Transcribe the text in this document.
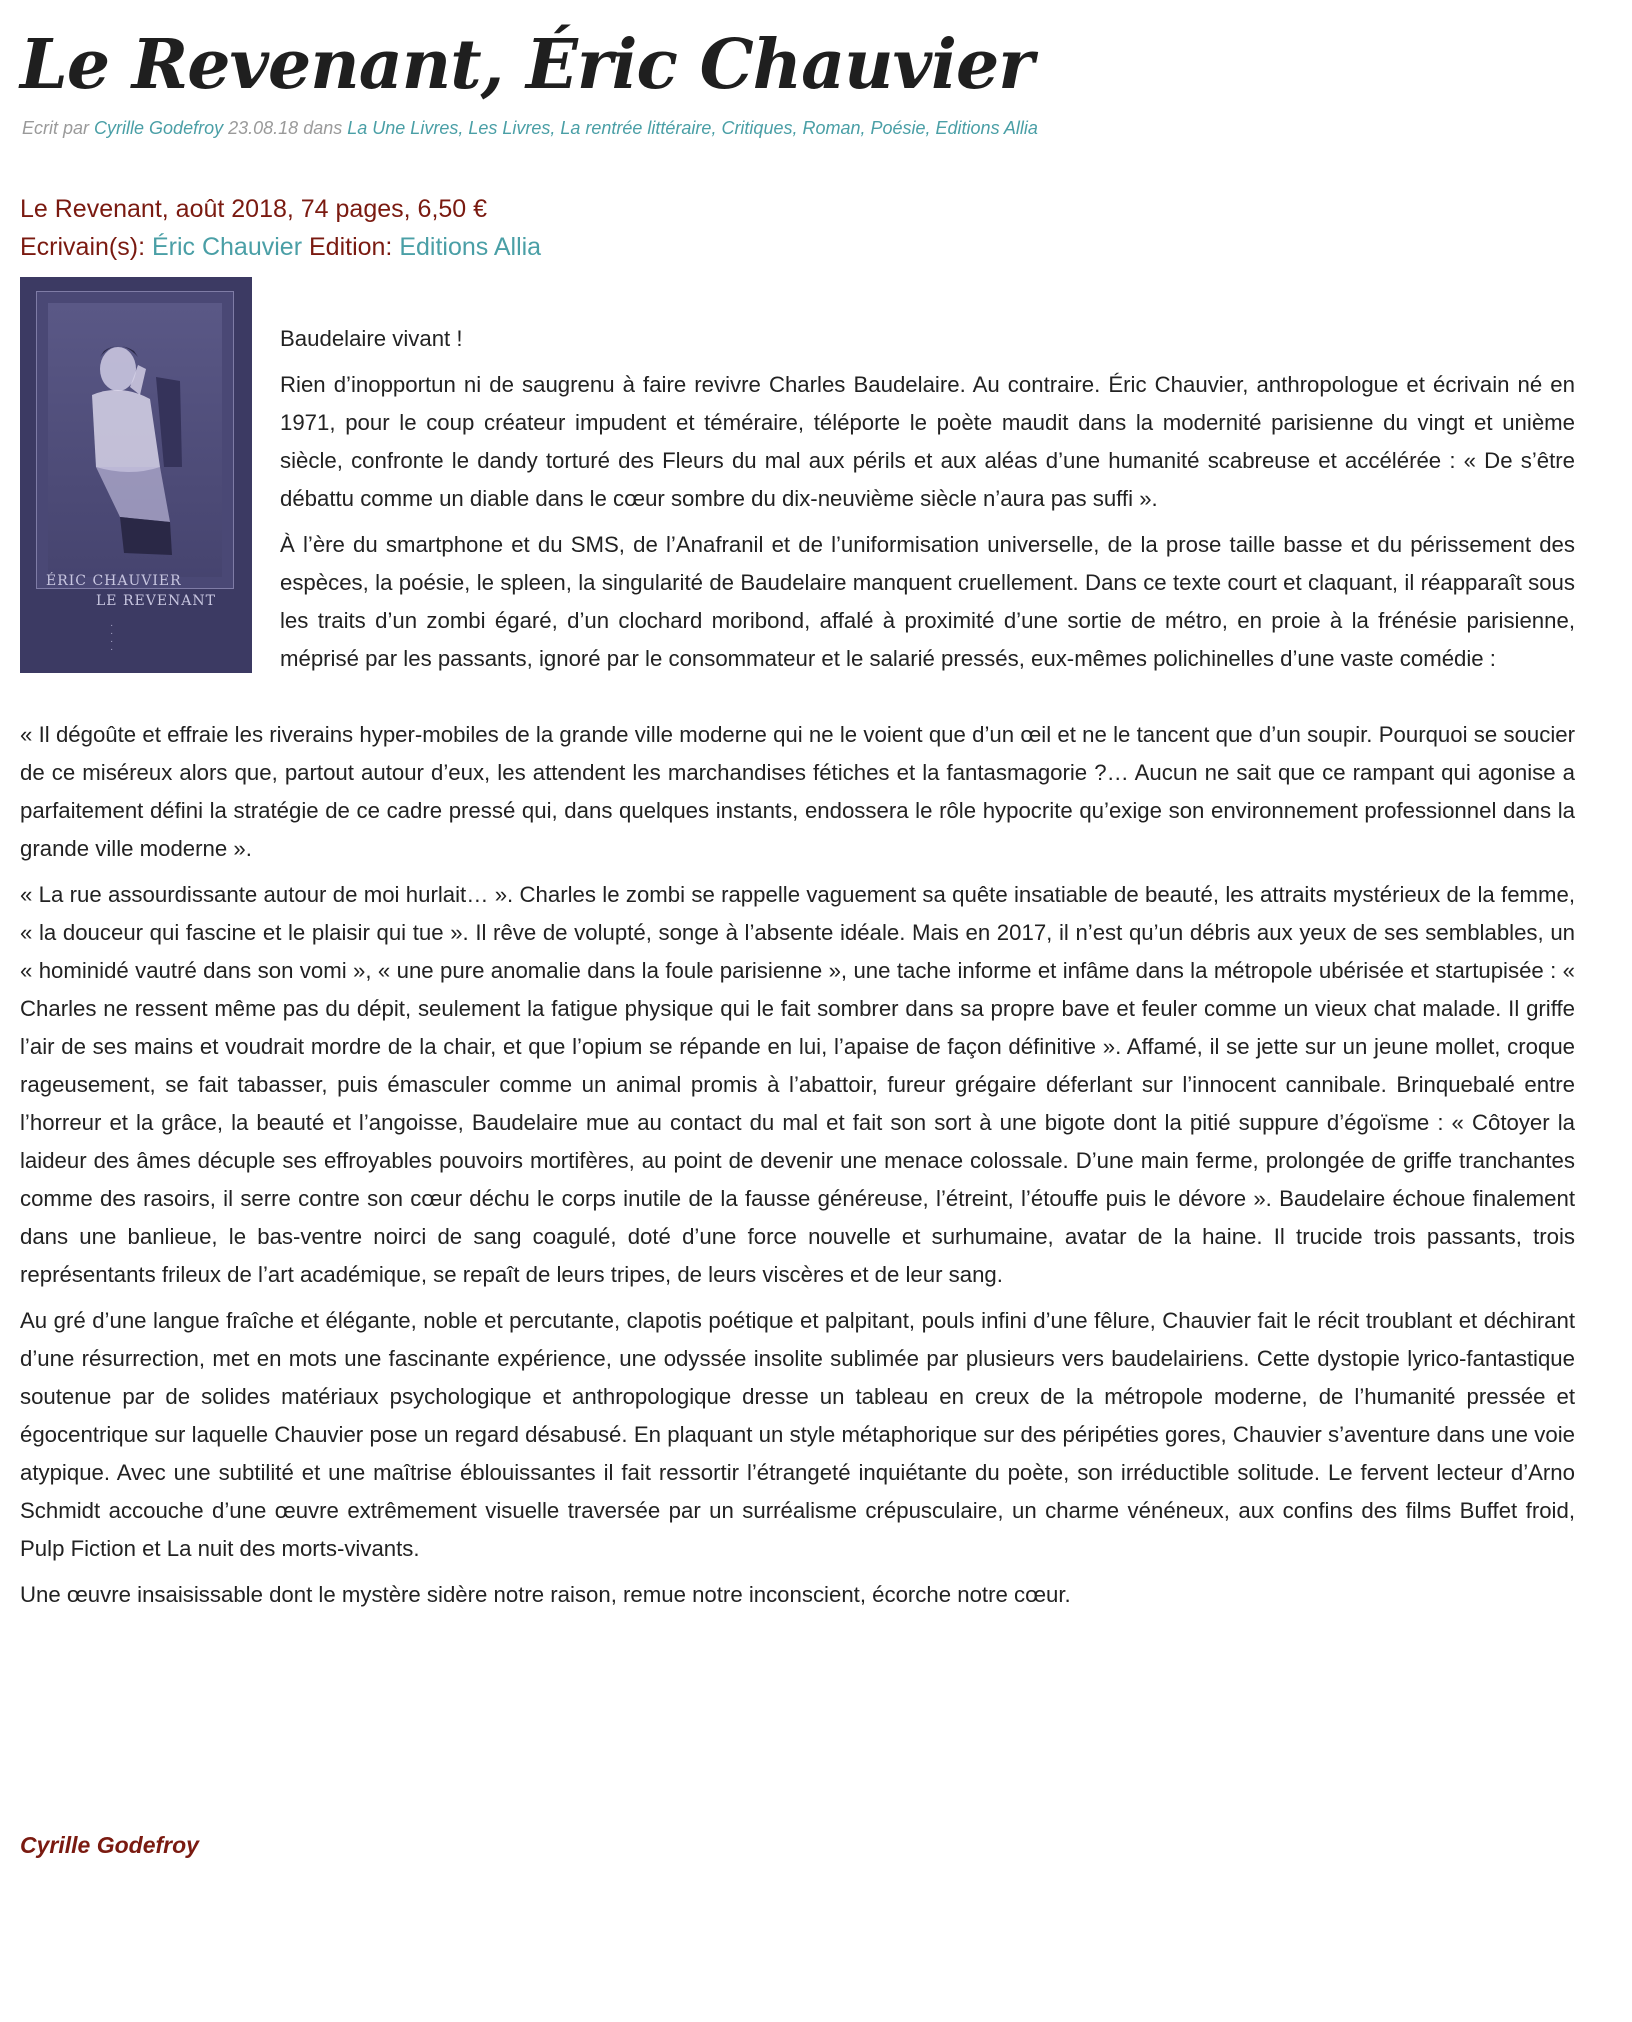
Le Revenant, Éric Chauvier
Ecrit par Cyrille Godefroy 23.08.18 dans La Une Livres, Les Livres, La rentrée littéraire, Critiques, Roman, Poésie, Editions Allia
Le Revenant, août 2018, 74 pages, 6,50 €
Ecrivain(s): Éric Chauvier Edition: Editions Allia
ÉRIC CHAUVIER
LE REVENANT
·
·
·
·

Baudelaire vivant !

Rien d’inopportun ni de saugrenu à faire revivre Charles Baudelaire. Au contraire. Éric Chauvier, anthropologue et écrivain né en 1971, pour le coup créateur impudent et téméraire, téléporte le poète maudit dans la modernité parisienne du vingt et unième siècle, confronte le dandy torturé des Fleurs du mal aux périls et aux aléas d’une humanité scabreuse et accélérée : « De s’être débattu comme un diable dans le cœur sombre du dix-neuvième siècle n’aura pas suffi ».

À l’ère du smartphone et du SMS, de l’Anafranil et de l’uniformisation universelle, de la prose taille basse et du périssement des espèces, la poésie, le spleen, la singularité de Baudelaire manquent cruellement. Dans ce texte court et claquant, il réapparaît sous les traits d’un zombi égaré, d’un clochard moribond, affalé à proximité d’une sortie de métro, en proie à la frénésie parisienne, méprisé par les passants, ignoré par le consommateur et le salarié pressés, eux-mêmes polichinelles d’une vaste comédie :

« Il dégoûte et effraie les riverains hyper-mobiles de la grande ville moderne qui ne le voient que d’un œil et ne le tancent que d’un soupir. Pourquoi se soucier de ce miséreux alors que, partout autour d’eux, les attendent les marchandises fétiches et la fantasmagorie ?… Aucun ne sait que ce rampant qui agonise a parfaitement défini la stratégie de ce cadre pressé qui, dans quelques instants, endossera le rôle hypocrite qu’exige son environnement professionnel dans la grande ville moderne ».

« La rue assourdissante autour de moi hurlait… ». Charles le zombi se rappelle vaguement sa quête insatiable de beauté, les attraits mystérieux de la femme, « la douceur qui fascine et le plaisir qui tue ». Il rêve de volupté, songe à l’absente idéale. Mais en 2017, il n’est qu’un débris aux yeux de ses semblables, un « hominidé vautré dans son vomi », « une pure anomalie dans la foule parisienne », une tache informe et infâme dans la métropole ubérisée et startupisée : « Charles ne ressent même pas du dépit, seulement la fatigue physique qui le fait sombrer dans sa propre bave et feuler comme un vieux chat malade. Il griffe l’air de ses mains et voudrait mordre de la chair, et que l’opium se répande en lui, l’apaise de façon définitive ». Affamé, il se jette sur un jeune mollet, croque rageusement, se fait tabasser, puis émasculer comme un animal promis à l’abattoir, fureur grégaire déferlant sur l’innocent cannibale. Brinquebalé entre l’horreur et la grâce, la beauté et l’angoisse, Baudelaire mue au contact du mal et fait son sort à une bigote dont la pitié suppure d’égoïsme : « Côtoyer la laideur des âmes décuple ses effroyables pouvoirs mortifères, au point de devenir une menace colossale. D’une main ferme, prolongée de griffe tranchantes comme des rasoirs, il serre contre son cœur déchu le corps inutile de la fausse généreuse, l’étreint, l’étouffe puis le dévore ». Baudelaire échoue finalement dans une banlieue, le bas-ventre noirci de sang coagulé, doté d’une force nouvelle et surhumaine, avatar de la haine. Il trucide trois passants, trois représentants frileux de l’art académique, se repaît de leurs tripes, de leurs viscères et de leur sang.

Au gré d’une langue fraîche et élégante, noble et percutante, clapotis poétique et palpitant, pouls infini d’une fêlure, Chauvier fait le récit troublant et déchirant d’une résurrection, met en mots une fascinante expérience, une odyssée insolite sublimée par plusieurs vers baudelairiens. Cette dystopie lyrico-fantastique soutenue par de solides matériaux psychologique et anthropologique dresse un tableau en creux de la métropole moderne, de l’humanité pressée et égocentrique sur laquelle Chauvier pose un regard désabusé. En plaquant un style métaphorique sur des péripéties gores, Chauvier s’aventure dans une voie atypique. Avec une subtilité et une maîtrise éblouissantes il fait ressortir l’étrangeté inquiétante du poète, son irréductible solitude. Le fervent lecteur d’Arno Schmidt accouche d’une œuvre extrêmement visuelle traversée par un surréalisme crépusculaire, un charme vénéneux, aux confins des films Buffet froid, Pulp Fiction et La nuit des morts-vivants.

Une œuvre insaisissable dont le mystère sidère notre raison, remue notre inconscient, écorche notre cœur.

Cyrille Godefroy
